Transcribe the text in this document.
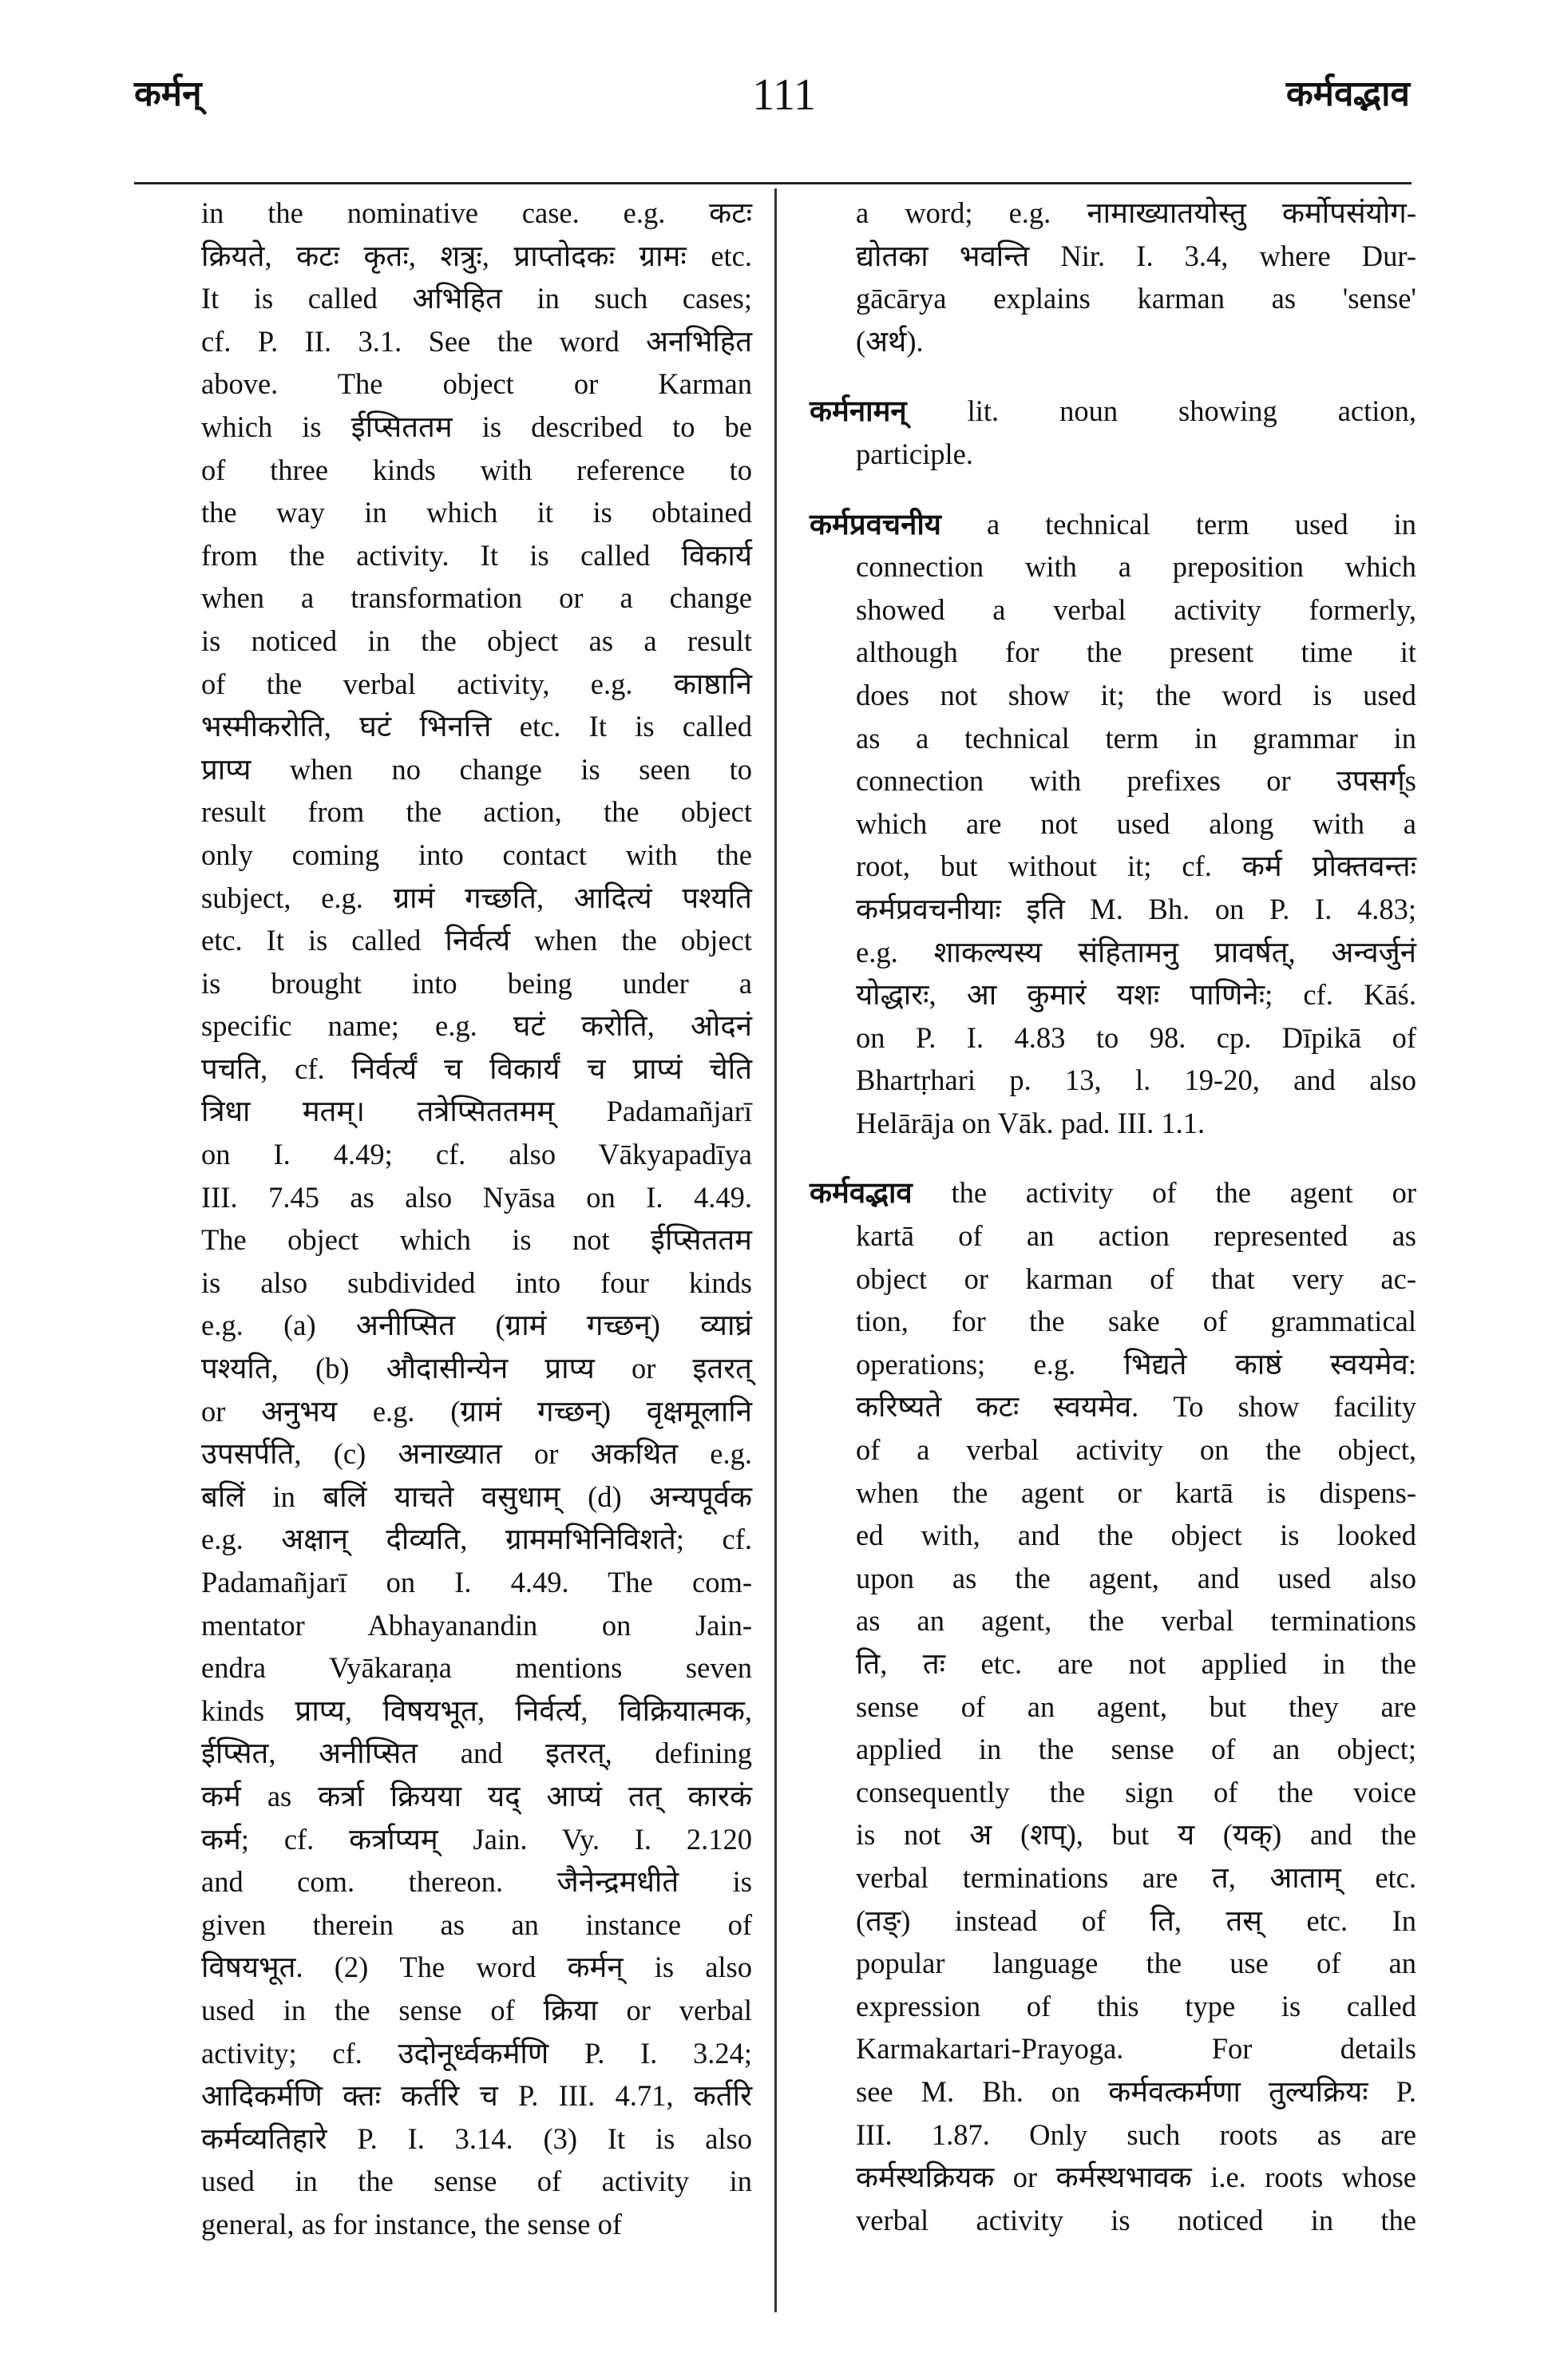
कर्मन्	111	कर्मवद्भाव
in the nominative case. e.g. कटः
क्रियते, कटः कृतः, शत्रुः, प्राप्तोदकः ग्रामः etc.
It is called अभिहित in such cases;
cf. P. II. 3.1. See the word अनभिहित
above. The object or Karman
which is ईप्सिततम is described to be
of three kinds with reference to
the way in which it is obtained
from the activity. It is called विकार्य
when a transformation or a change
is noticed in the object as a result
of the verbal activity, e.g. काष्ठानि
भस्मीकरोति, घटं भिनत्ति etc. It is called
प्राप्य when no change is seen to
result from the action, the object
only coming into contact with the
subject, e.g. ग्रामं गच्छति, आदित्यं पश्यति
etc. It is called निर्वर्त्य when the object
is brought into being under a
specific name; e.g. घटं करोति, ओदनं
पचति, cf. निर्वर्त्यं च विकार्यं च प्राप्यं चेति
त्रिधा मतम्। तत्रेप्सिततमम् Padamañjarī
on I. 4.49; cf. also Vākyapadīya
III. 7.45 as also Nyāsa on I. 4.49.
The object which is not ईप्सिततम
is also subdivided into four kinds
e.g. (a) अनीप्सित (ग्रामं गच्छन्) व्याघ्रं
पश्यति, (b) औदासीन्येन प्राप्य or इतरत्
or अनुभय e.g. (ग्रामं गच्छन्) वृक्षमूलानि
उपसर्पति, (c) अनाख्यात or अकथित e.g.
बलिं in बलिं याचते वसुधाम् (d) अन्यपूर्वक
e.g. अक्षान् दीव्यति, ग्राममभिनिविशते; cf.
Padamañjarī on I. 4.49. The com-
mentator Abhayanandin on Jain-
endra Vyākaraṇa mentions seven
kinds प्राप्य, विषयभूत, निर्वर्त्य, विक्रियात्मक,
ईप्सित, अनीप्सित and इतरत्, defining
कर्म as कर्त्रा क्रियया यद् आप्यं तत् कारकं
कर्म; cf. कर्त्राप्यम् Jain. Vy. I. 2.120
and com. thereon. जैनेन्द्रमधीते is
given therein as an instance of
विषयभूत. (2) The word कर्मन् is also
used in the sense of क्रिया or verbal
activity; cf. उदोनूर्ध्वकर्मणि P. I. 3.24;
आदिकर्मणि क्तः कर्तरि च P. III. 4.71, कर्तरि
कर्मव्यतिहारे P. I. 3.14. (3) It is also
used in the sense of activity in
general, as for instance, the sense of
a word; e.g. नामाख्यातयोस्तु कर्मोपसंयोग-
द्योतका भवन्ति Nir. I. 3.4, where Dur-
gācārya explains karman as 'sense'
(अर्थ).
कर्मनामन् lit. noun showing action,
participle.
कर्मप्रवचनीय a technical term used in
connection with a preposition which
showed a verbal activity formerly,
although for the present time it
does not show it; the word is used
as a technical term in grammar in
connection with prefixes or उपसर्ग्s
which are not used along with a
root, but without it; cf. कर्म प्रोक्तवन्तः
कर्मप्रवचनीयाः इति M. Bh. on P. I. 4.83;
e.g. शाकल्यस्य संहितामनु प्रावर्षत्, अन्वर्जुनं
योद्धारः, आ कुमारं यशः पाणिनेः; cf. Kāś.
on P. I. 4.83 to 98. cp. Dīpikā of
Bhartṛhari p. 13, l. 19-20, and also
Helārāja on Vāk. pad. III. 1.1.
कर्मवद्भाव the activity of the agent or
kartā of an action represented as
object or karman of that very ac-
tion, for the sake of grammatical
operations; e.g. भिद्यते काष्ठं स्वयमेव:
करिष्यते कटः स्वयमेव. To show facility
of a verbal activity on the object,
when the agent or kartā is dispens-
ed with, and the object is looked
upon as the agent, and used also
as an agent, the verbal terminations
ति, तः etc. are not applied in the
sense of an agent, but they are
applied in the sense of an object;
consequently the sign of the voice
is not अ (शप्), but य (यक्) and the
verbal terminations are त, आताम् etc.
(तङ्) instead of ति, तस् etc. In
popular language the use of an
expression of this type is called
Karmakartari-Prayoga. For details
see M. Bh. on कर्मवत्कर्मणा तुल्यक्रियः P.
III. 1.87. Only such roots as are
कर्मस्थक्रियक or कर्मस्थभावक i.e. roots whose
verbal activity is noticed in the
